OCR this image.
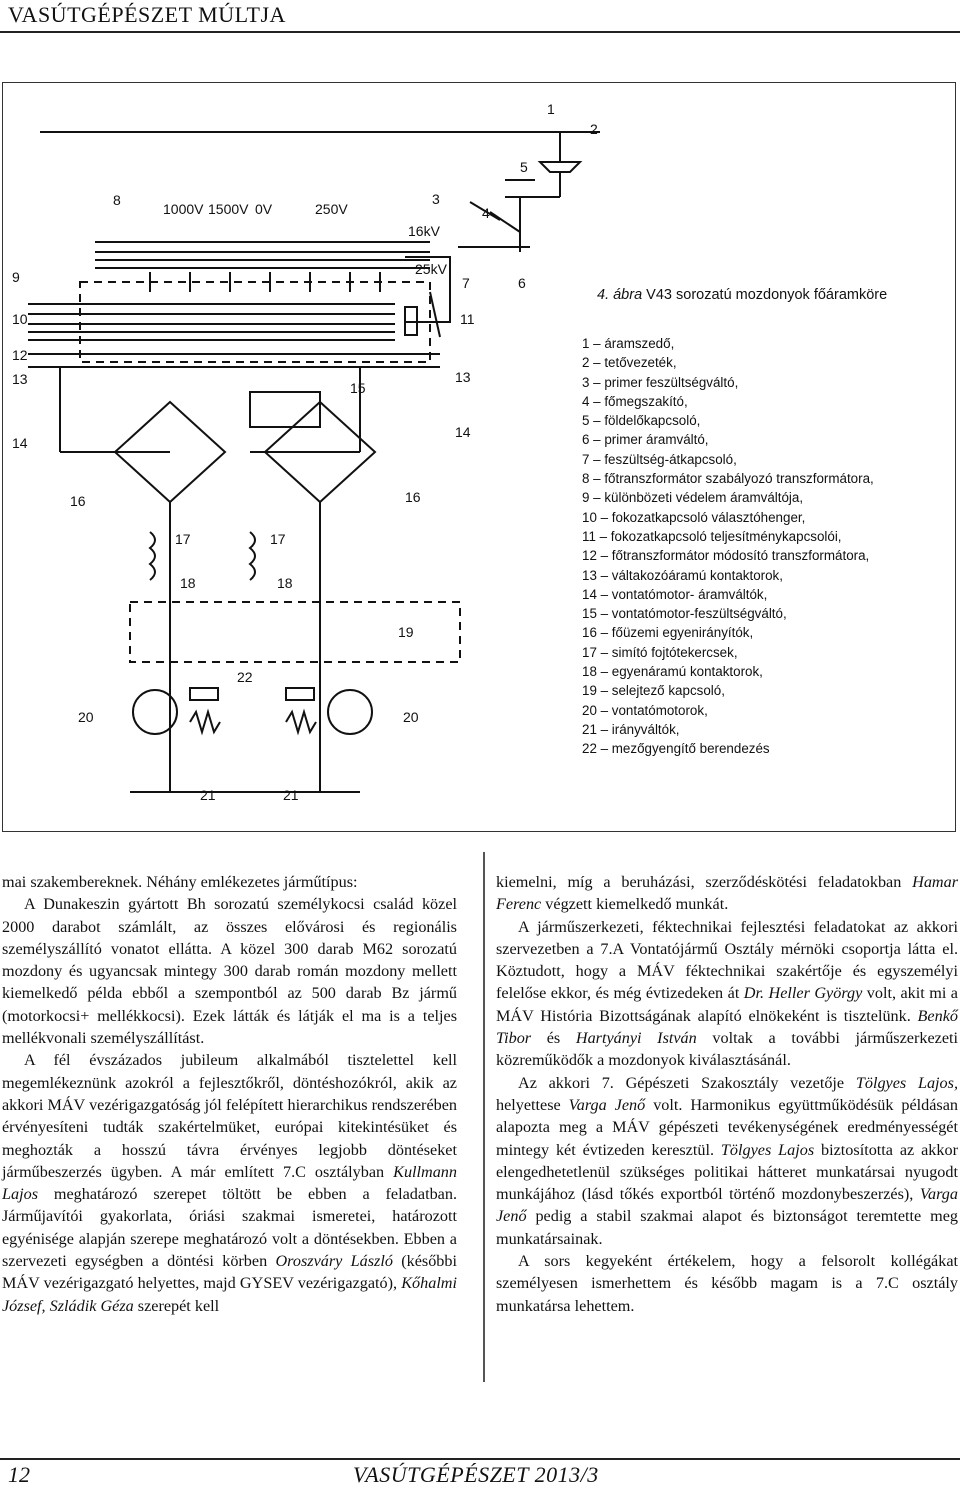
VASÚTGÉPÉSZET MÚLTJA
1
2
3
4
5
6
7
8
9
10	11
12
13	13
14
14
15
16	16
17	17
18	18
19
20	20
21	21
22
1000V 1500V 0V	250V
16kV
25kV
4. ábra V43 sorozatú mozdonyok főáramköre
1 – áramszedő,
2 – tetővezeték,
3 – primer feszültségváltó,
4 – főmegszakító,
5 – földelőkapcsoló,
6 – primer áramváltó,
7 – feszültség-átkapcsoló,
8 – főtranszformátor szabályozó transzformátora,
9 – különbözeti védelem áramváltója,
10 – fokozatkapcsoló választóhenger,
11 – fokozatkapcsoló teljesítménykapcsolói,
12 – főtranszformátor módosító transzformátora,
13 – váltakozóáramú kontaktorok,
14 – vontatómotor- áramváltók,
15 – vontatómotor-feszültségváltó,
16 – főüzemi egyenirányítók,
17 – simító fojtótekercsek,
18 – egyenáramú kontaktorok,
19 – selejtező kapcsoló,
20 – vontatómotorok,
21 – irányváltók,
22 – mezőgyengítő berendezés

mai szakembereknek. Néhány emlékezetes járműtípus:

A Dunakeszin gyártott Bh sorozatú személykocsi család közel 2000 darabot számlált, az összes elővárosi és regionális személyszállító vonatot ellátta. A közel 300 darab M62 sorozatú mozdony és ugyancsak mintegy 300 darab román mozdony mellett kiemelkedő példa ebből a szempontból az 500 darab Bz jármű (motorkocsi+ mellékkocsi). Ezek látták és látják el ma is a teljes mellékvonali személyszállítást.

A fél évszázados jubileum alkalmából tisztelettel kell megemlékeznünk azokról a fejlesztőkről, döntéshozókról, akik az akkori MÁV vezérigazgatóság jól felépített hierarchikus rendszerében érvényesíteni tudták szakértelmüket, európai kitekintésüket és meghozták a hosszú távra érvényes legjobb döntéseket járműbeszerzés ügyben. A már említett 7.C osztályban Kullmann Lajos meghatározó szerepet töltött be ebben a feladatban. Járműjavítói gyakorlata, óriási szakmai ismeretei, határozott egyénisége alapján szerepe meghatározó volt a döntésekben. Ebben a szervezeti egységben a döntési körben Oroszváry László (későbbi MÁV vezérigazgató helyettes, majd GYSEV vezérigazgató), Kőhalmi József, Szládik Géza szerepét kell

kiemelni, míg a beruházási, szerződéskötési feladatokban Hamar Ferenc végzett kiemelkedő munkát.

A járműszerkezeti, féktechnikai fejlesztési feladatokat az akkori szervezetben a 7.A Vontatójármű Osztály mérnöki csoportja látta el. Köztudott, hogy a MÁV féktechnikai szakértője és egyszemélyi felelőse ekkor, és még évtizedeken át Dr. Heller György volt, akit mi a MÁV História Bizottságának alapító elnökeként is tisztelünk. Benkő Tibor és Hartyányi István voltak a további járműszerkezeti közreműködők a mozdonyok kiválasztásánál.

Az akkori 7. Gépészeti Szakosztály vezetője Tölgyes Lajos, helyettese Varga Jenő volt. Harmonikus együttműködésük példásan alapozta meg a MÁV gépészeti tevékenységének eredményességét mintegy két évtizeden keresztül. Tölgyes Lajos biztosította az akkor elengedhetetlenül szükséges politikai hátteret munkatársai nyugodt munkájához (lásd tőkés exportból történő mozdonybeszerzés), Varga Jenő pedig a stabil szakmai alapot és biztonságot teremtette meg munkatársainak.

A sors kegyeként értékelem, hogy a felsorolt kollégákat személyesen ismerhettem és később magam is a 7.C osztály munkatársa lehettem.

12	VASÚTGÉPÉSZET 2013/3
